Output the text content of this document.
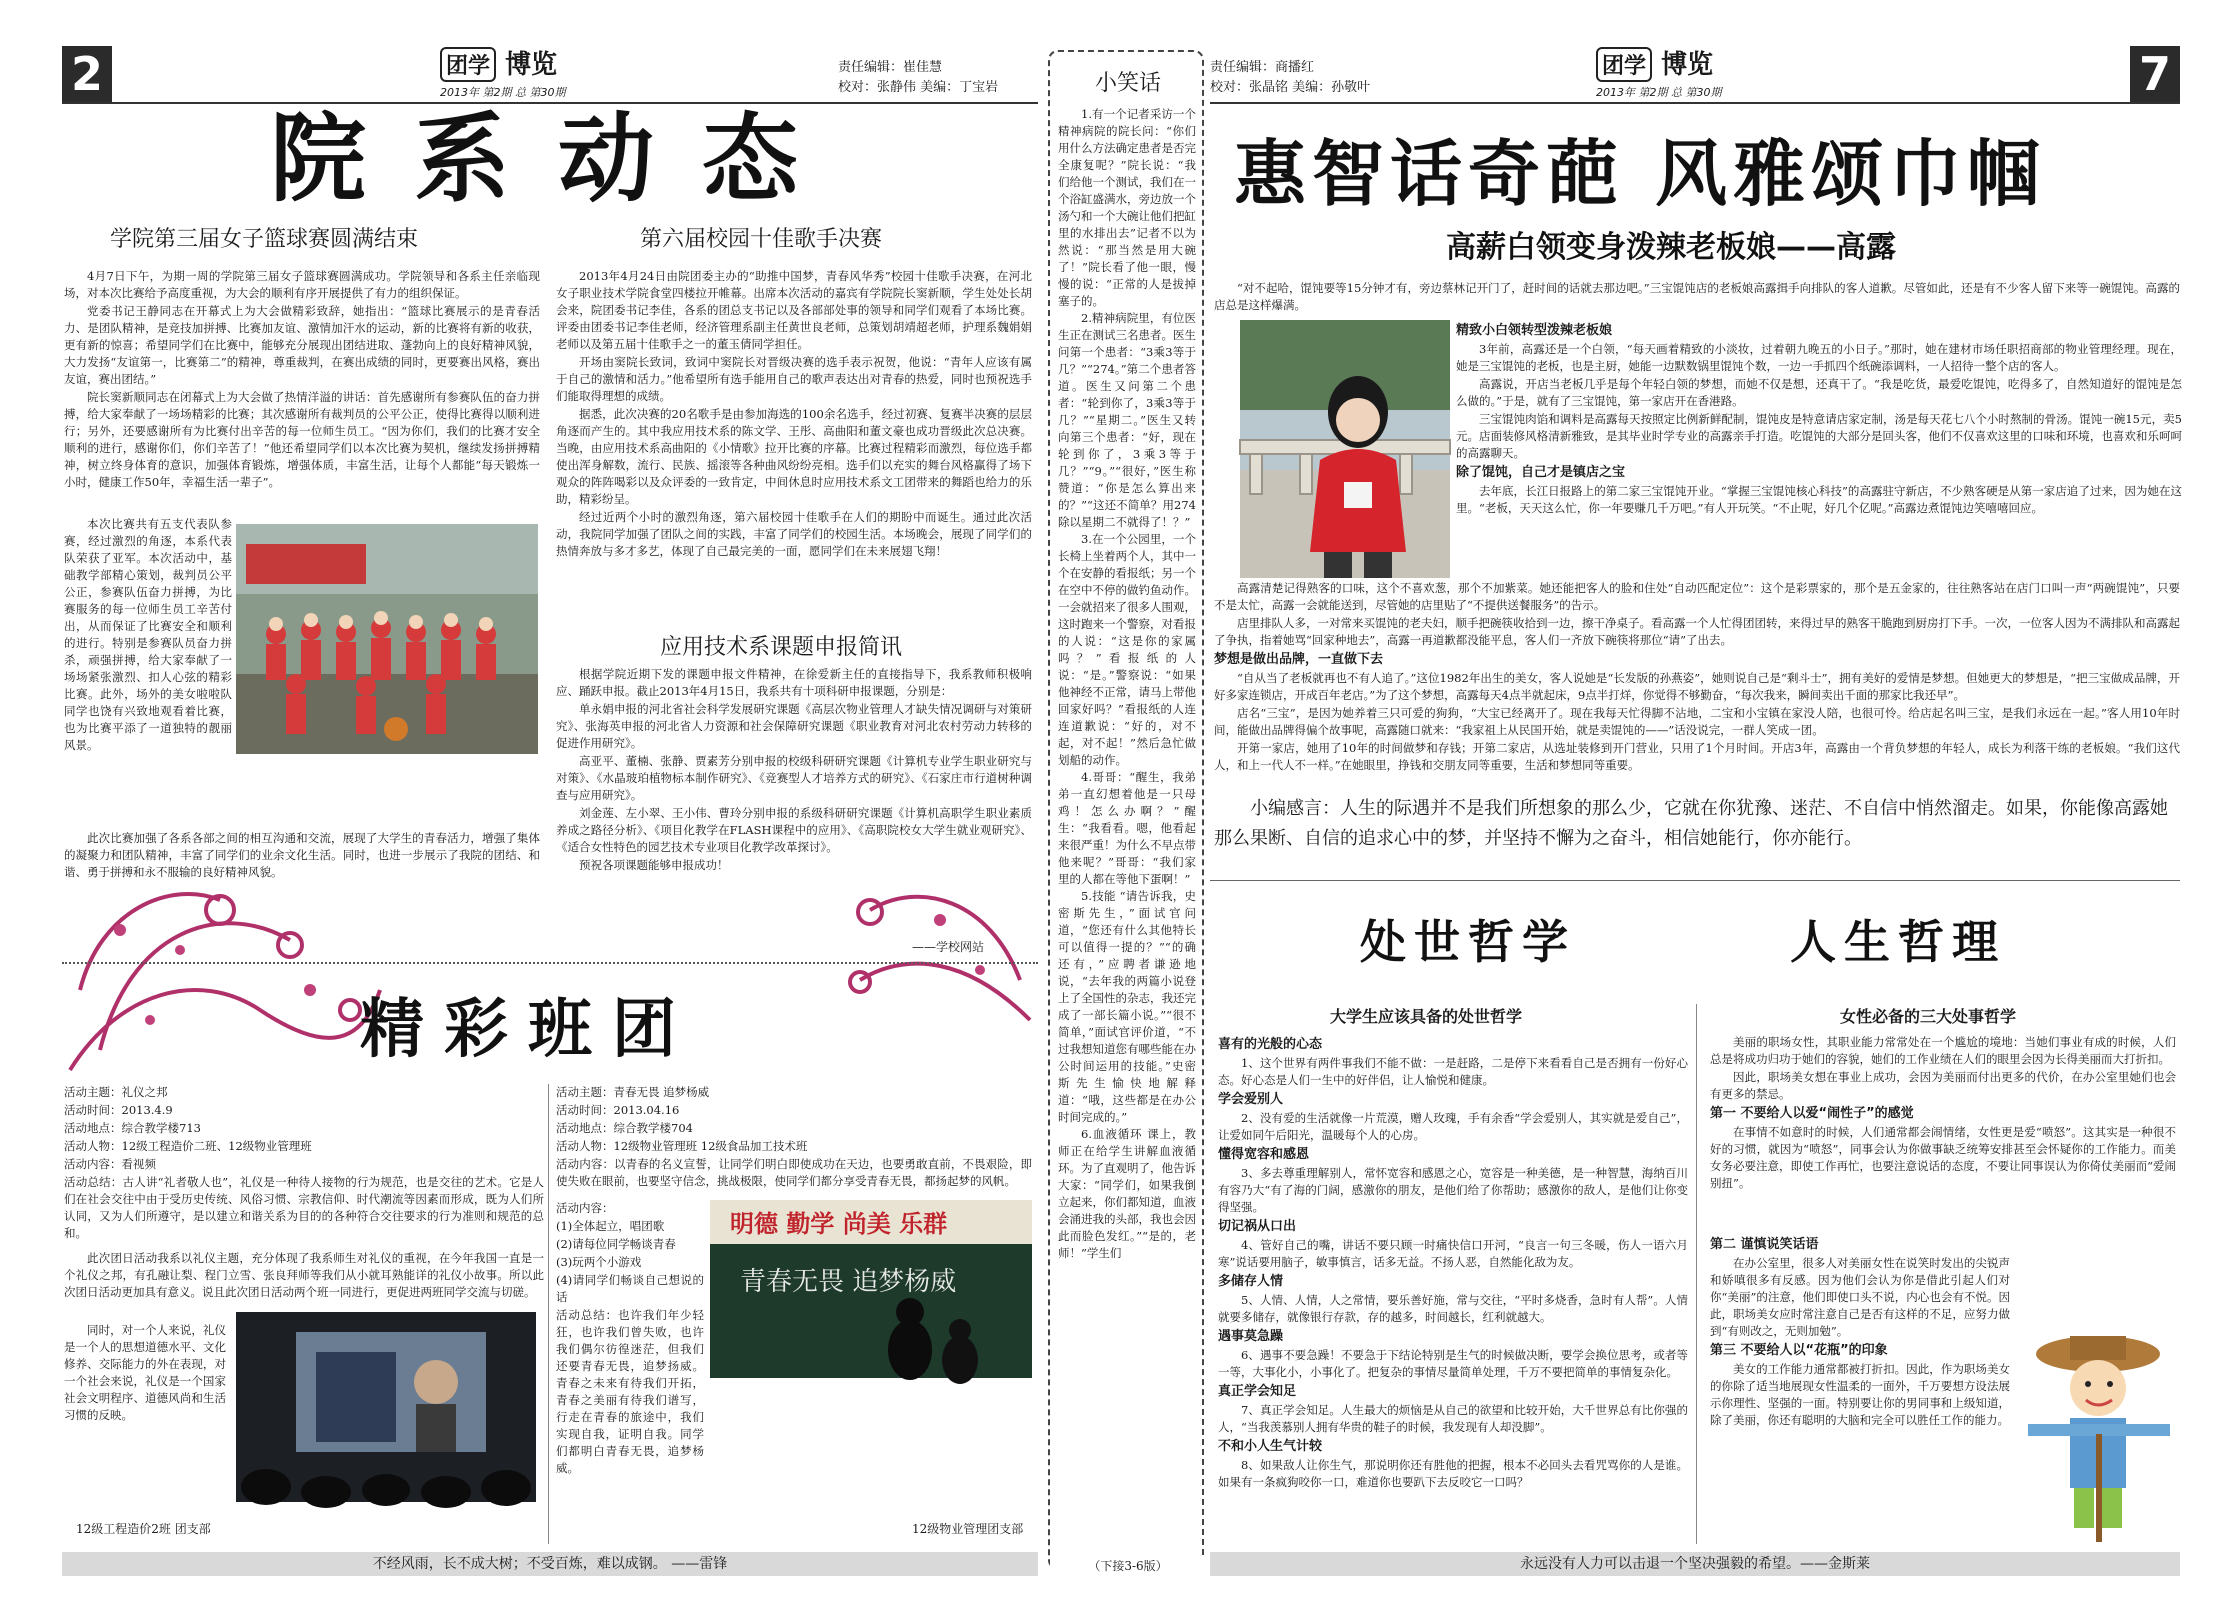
2	团学 博览
2013年 第2期 总 第30期
责任编辑：崔佳慧
校对：张静伟 美编：丁宝岩
院系动态
学院第三届女子篮球赛圆满结束

4月7日下午，为期一周的学院第三届女子篮球赛圆满成功。学院领导和各系主任亲临现场，对本次比赛给予高度重视，为大会的顺利有序开展提供了有力的组织保证。

党委书记王静同志在开幕式上为大会做精彩致辞，她指出：“篮球比赛展示的是青春活力、是团队精神，是竞技加拼搏、比赛加友谊、激情加汗水的运动，新的比赛将有新的收获，更有新的惊喜；希望同学们在比赛中，能够充分展现出团结进取、蓬勃向上的良好精神风貌，大力发扬“友谊第一，比赛第二”的精神，尊重裁判，在赛出成绩的同时，更要赛出风格，赛出友谊，赛出团结。”

院长窦新顺同志在闭幕式上为大会做了热情洋溢的讲话：首先感谢所有参赛队伍的奋力拼搏，给大家奉献了一场场精彩的比赛；其次感谢所有裁判员的公平公正，使得比赛得以顺利进行；另外，还要感谢所有为比赛付出辛苦的每一位师生员工。“因为你们，我们的比赛才安全顺利的进行，感谢你们，你们辛苦了！”他还希望同学们以本次比赛为契机，继续发扬拼搏精神，树立终身体育的意识，加强体育锻炼，增强体质，丰富生活，让每个人都能“每天锻炼一小时，健康工作50年，幸福生活一辈子”。

本次比赛共有五支代表队参赛，经过激烈的角逐，本系代表队荣获了亚军。本次活动中，基础教学部精心策划，裁判员公平公正，参赛队伍奋力拼搏，为比赛服务的每一位师生员工辛苦付出，从而保证了比赛安全和顺利的进行。特别是参赛队员奋力拼杀，顽强拼搏，给大家奉献了一场场紧张激烈、扣人心弦的精彩比赛。此外，场外的美女啦啦队同学也饶有兴致地观看着比赛，也为比赛平添了一道独特的靓丽风景。

此次比赛加强了各系各部之间的相互沟通和交流，展现了大学生的青春活力，增强了集体的凝聚力和团队精神，丰富了同学们的业余文化生活。同时，也进一步展示了我院的团结、和谐、勇于拼搏和永不服输的良好精神风貌。

第六届校园十佳歌手决赛

2013年4月24日由院团委主办的“助推中国梦，青春风华秀”校园十佳歌手决赛，在河北女子职业技术学院食堂四楼拉开帷幕。出席本次活动的嘉宾有学院院长窦新顺，学生处处长胡会来，院团委书记李佳，各系的团总支书记以及各部部处事的领导和同学们观看了本场比赛。评委由团委书记李佳老师，经济管理系副主任黄世良老师，总策划胡靖超老师，护理系魏娟娟老师以及第五届十佳歌手之一的董玉倩同学担任。

开场由窦院长致词，致词中窦院长对晋级决赛的选手表示祝贺，他说：“青年人应该有属于自己的激情和活力。”他希望所有选手能用自己的歌声表达出对青春的热爱，同时也预祝选手们能取得理想的成绩。

据悉，此次决赛的20名歌手是由参加海选的100余名选手，经过初赛、复赛半决赛的层层角逐而产生的。其中我应用技术系的陈文学、王彤、高曲阳和董文豪也成功晋级此次总决赛。当晚，由应用技术系高曲阳的《小情歌》拉开比赛的序幕。比赛过程精彩而激烈，每位选手都使出浑身解数，流行、民族、摇滚等各种曲风纷纷亮相。选手们以充实的舞台风格赢得了场下观众的阵阵喝彩以及众评委的一致肯定，中间休息时应用技术系文工团带来的舞蹈也给力的乐助，精彩纷呈。

经过近两个小时的激烈角逐，第六届校园十佳歌手在人们的期盼中而诞生。通过此次活动，我院同学加强了团队之间的实践，丰富了同学们的校园生活。本场晚会，展现了同学们的热情奔放与多才多艺，体现了自己最完美的一面，愿同学们在未来展翅飞翔！

应用技术系课题申报简讯

根据学院近期下发的课题申报文件精神，在徐爱新主任的直接指导下，我系教师积极响应、踊跃申报。截止2013年4月15日，我系共有十项科研申报课题，分别是：

单永娟申报的河北省社会科学发展研究课题《高层次物业管理人才缺失情况调研与对策研究》、张海英申报的河北省人力资源和社会保障研究课题《职业教育对河北农村劳动力转移的促进作用研究》。

高亚平、董楠、张静、贾素芳分别申报的校级科研研究课题《计算机专业学生职业研究与对策》、《水晶玻珀植物标本制作研究》、《竞赛型人才培养方式的研究》、《石家庄市行道树种调查与应用研究》。

刘金莲、左小翠、王小伟、曹玲分别申报的系级科研研究课题《计算机高职学生职业素质养成之路径分析》、《项目化教学在FLASH课程中的应用》、《高职院校女大学生就业观研究》、《适合女性特色的园艺技术专业项目化教学改革探讨》。

预祝各项课题能够申报成功！

——学校网站
精彩班团

活动主题：礼仪之邦

活动时间：2013.4.9

活动地点：综合教学楼713

活动人物：12级工程造价二班、12级物业管理班

活动内容：看视频

活动总结：古人讲“礼者敬人也”，礼仪是一种待人接物的行为规范，也是交往的艺术。它是人们在社会交往中由于受历史传统、风俗习惯、宗教信仰、时代潮流等因素而形成，既为人们所认同，又为人们所遵守，是以建立和谐关系为目的的各种符合交往要求的行为准则和规范的总和。

此次团日活动我系以礼仪主题，充分体现了我系师生对礼仪的重视，在今年我国一直是一个礼仪之邦，有孔融让梨、程门立雪、张良拜师等我们从小就耳熟能详的礼仪小故事。所以此次团日活动更加具有意义。说且此次团日活动两个班一同进行，更促进两班同学交流与切磋。

同时，对一个人来说，礼仪是一个人的思想道德水平、文化修养、交际能力的外在表现，对一个社会来说，礼仪是一个国家社会文明程序、道德风尚和生活习惯的反映。

12级工程造价2班 团支部

活动主题：青春无畏 追梦杨威

活动时间：2013.04.16

活动地点：综合教学楼704

活动人物：12级物业管理班 12级食品加工技术班

活动内容：以青春的名义宣誓，让同学们明白即使成功在天边，也要勇敢直前，不畏艰险，即使失败在眼前，也要坚守信念，挑战极限，使同学们都分享受青春无畏，都扬起梦的风帆。

活动内容：

(1)全体起立，唱团歌

(2)请每位同学畅谈青春

(3)玩两个小游戏

(4)请同学们畅谈自己想说的话

活动总结：也许我们年少轻狂，也许我们曾失败，也许我们偶尔彷徨迷茫，但我们还要青春无畏，追梦扬威。青春之未来有待我们开拓，青春之美丽有待我们谱写，行走在青春的旅途中，我们实现自我，证明自我。同学们都明白青春无畏，追梦杨威。

明德 勤学 尚美 乐群
青春无畏 追梦杨威
12级物业管理团支部
不经风雨，长不成大树；不受百炼，难以成钢。 ——雷锋
小笑话

1.有一个记者采访一个精神病院的院长问：“你们用什么方法确定患者是否完全康复呢？”院长说：“我们给他一个测试，我们在一个浴缸盛满水，旁边放一个汤勺和一个大碗让他们把缸里的水排出去”记者不以为然说：“那当然是用大碗了！”院长看了他一眼，慢慢的说：“正常的人是拔掉塞子的。

2.精神病院里，有位医生正在测试三名患者。医生问第一个患者：“3乘3等于几？”“274。”第二个患者答道。医生又问第二个患者：“轮到你了，3乘3等于几？”“星期二。”医生又转向第三个患者：“好，现在轮到你了，3乘3等于几？”“9。”“很好，”医生称赞道：“你是怎么算出来的？”“这还不简单？用274除以星期二不就得了！？”

3.在一个公园里，一个长椅上坐着两个人，其中一个在安静的看报纸；另一个在空中不停的做钓鱼动作。一会就招来了很多人围观，这时跑来一个警察，对看报的人说：“这是你的家属吗？”看报纸的人说：“是。”警察说：“如果他神经不正常，请马上带他回家好吗？”看报纸的人连连道歉说：“好的，对不起，对不起！”然后急忙做划船的动作。

4.哥哥：“醒生，我弟弟一直幻想着他是一只母鸡！怎么办啊？”醒生：“我看看。嗯，他看起来很严重！为什么不早点带他来呢？”哥哥：“我们家里的人都在等他下蛋啊！”

5.技能 “请告诉我，史密斯先生，”面试官问道，“您还有什么其他特长可以值得一提的？”“的确还有，”应聘者谦逊地说，“去年我的两篇小说登上了全国性的杂志，我还完成了一部长篇小说。”“很不简单，”面试官评价道，“不过我想知道您有哪些能在办公时间运用的技能。”史密斯先生愉快地解释道：“哦，这些都是在办公时间完成的。”

6.血液循环 课上，教师正在给学生讲解血液循环。为了直观明了，他告诉大家：“同学们，如果我倒立起来，你们都知道，血液会涌进我的头部，我也会因此而脸色发红。”“是的，老师！”学生们

（下接3-6版）
责任编辑：商播红
校对：张晶铭 美编：孙敬叶
团学 博览
2013年 第2期 总 第30期	7
惠智话奇葩 风雅颂巾帼
高薪白领变身泼辣老板娘——高露

“对不起哈，馄饨要等15分钟才有，旁边蔡林记开门了，赶时间的话就去那边吧。”三宝馄饨店的老板娘高露揖手向排队的客人道歉。尽管如此，还是有不少客人留下来等一碗馄饨。高露的店总是这样爆满。

精致小白领转型泼辣老板娘

3年前，高露还是一个白领，“每天画着精致的小淡妆，过着朝九晚五的小日子。”那时，她在建材市场任职招商部的物业管理经理。现在，她是三宝馄饨的老板，也是主厨，她能一边默数锅里馄饨个数，一边一手抓四个纸碗添调料，一人招待一整个店的客人。

高露说，开店当老板几乎是每个年轻白领的梦想，而她不仅是想，还真干了。“我是吃货，最爱吃馄饨，吃得多了，自然知道好的馄饨是怎么做的。”于是，就有了三宝馄饨，第一家店开在香港路。

三宝馄饨肉馅和调料是高露每天按照定比例新鲜配制，馄饨皮是特意请店家定制，汤是每天花七八个小时熬制的骨汤。馄饨一碗15元，卖5元。店面装修风格清新雅致，是其毕业时学专业的高露亲手打造。吃馄饨的大部分是回头客，他们不仅喜欢这里的口味和环境，也喜欢和乐呵呵的高露聊天。

除了馄饨，自己才是镇店之宝

去年底，长江日报路上的第二家三宝馄饨开业。“掌握三宝馄饨核心科技”的高露驻守新店，不少熟客硬是从第一家店追了过来，因为她在这里。“老板，天天这么忙，你一年要赚几千万吧。”有人开玩笑。“不止呢，好几个亿呢。”高露边煮馄饨边笑嘻嘻回应。

高露清楚记得熟客的口味，这个不喜欢葱，那个不加紫菜。她还能把客人的脸和住处“自动匹配定位”：这个是彩票家的，那个是五金家的，往往熟客站在店门口叫一声“两碗馄饨”，只要不是太忙，高露一会就能送到，尽管她的店里贴了“不提供送餐服务”的告示。

店里排队人多，一对常来买馄饨的老夫妇，顺手把碗筷收拾到一边，擦干净桌子。看高露一个人忙得团团转，来得过早的熟客干脆跑到厨房打下手。一次，一位客人因为不满排队和高露起了争执，指着她骂“回家种地去”，高露一再道歉都没能平息，客人们一齐放下碗筷将那位“请”了出去。

梦想是做出品牌，一直做下去

“自从当了老板就再也不有人追了。”这位1982年出生的美女，客人说她是“长发版的孙燕姿”，她则说自己是“剩斗士”，拥有美好的爱情是梦想。但她更大的梦想是，“把三宝做成品牌，开好多家连锁店，开成百年老店。”为了这个梦想，高露每天4点半就起床，9点半打烊，你觉得不够勤奋，“每次我来，瞬间卖出千面的那家比我还早”。

店名“三宝”，是因为她养着三只可爱的狗狗，“大宝已经离开了。现在我每天忙得脚不沾地，二宝和小宝镇在家没人陪，也很可怜。给店起名叫三宝，是我们永远在一起。”客人用10年时间，能做出品牌得偏个故事呢，高露随口就来：“我家祖上从民国开始，就是卖馄饨的——”话没说完，一群人笑成一团。

开第一家店，她用了10年的时间做梦和存钱；开第二家店，从选址装修到开门营业，只用了1个月时间。开店3年，高露由一个背负梦想的年轻人，成长为利落干练的老板娘。“我们这代人，和上一代人不一样。”在她眼里，挣钱和交朋友同等重要，生活和梦想同等重要。

小编感言：人生的际遇并不是我们所想象的那么少，它就在你犹豫、迷茫、不自信中悄然溜走。如果，你能像高露她那么果断、自信的追求心中的梦，并坚持不懈为之奋斗，相信她能行，你亦能行。
处世哲学	人生哲理
大学生应该具备的处世哲学

喜有的光般的心态

1、这个世界有两件事我们不能不做：一是赶路，二是停下来看看自己是否拥有一份好心态。好心态是人们一生中的好伴侣，让人愉悦和健康。

学会爱别人

2、没有爱的生活就像一片荒漠，赠人玫瑰，手有余香“学会爱别人，其实就是爱自己”，让爱如同午后阳光，温暖每个人的心房。

懂得宽容和感恩

3、多去尊重理解别人，常怀宽容和感恩之心，宽容是一种美德，是一种智慧，海纳百川有容乃大“有了海的门阔，感激你的朋友，是他们给了你帮助；感激你的敌人，是他们让你变得坚强。

切记祸从口出

4、管好自己的嘴，讲话不要只顾一时痛快信口开河，“良言一句三冬暖，伤人一语六月寒”说话要用脑子，敏事慎言，话多无益。不扬人恶，自然能化敌为友。

多储存人情

5、人情、人情，人之常情，要乐善好施，常与交往，“平时多烧香，急时有人帮”。人情就要多储存，就像银行存款，存的越多，时间越长，红利就越大。

遇事莫急躁

6、遇事不要急躁！不要急于下结论特别是生气的时候做决断，要学会换位思考，或者等一等，大事化小，小事化了。把复杂的事情尽量简单处理，千万不要把简单的事情复杂化。

真正学会知足

7、真正学会知足。人生最大的烦恼是从自己的欲望和比较开始，大千世界总有比你强的人，“当我羡慕别人拥有华贵的鞋子的时候，我发现有人却没脚”。

不和小人生气计较

8、如果敌人让你生气，那说明你还有胜他的把握，根本不必回头去看咒骂你的人是谁。如果有一条疯狗咬你一口，难道你也要趴下去反咬它一口吗？

女性必备的三大处事哲学

美丽的职场女性，其职业能力常常处在一个尴尬的境地：当她们事业有成的时候，人们总是将成功归功于她们的容貌，她们的工作业绩在人们的眼里会因为长得美丽而大打折扣。

因此，职场美女想在事业上成功，会因为美丽而付出更多的代价，在办公室里她们也会有更多的禁忌。

第一 不要给人以爱“闹性子”的感觉

在事情不如意时的时候，人们通常都会闹情绪，女性更是爱“喷怒”。这其实是一种很不好的习惯，就因为“喷怒”，同事会认为你做事缺乏统筹安排甚至会怀疑你的工作能力。而美女务必要注意，即使工作再忙，也要注意说话的态度，不要让同事误认为你倚仗美丽而“爱闹别扭”。

第二 谨慎说笑话语

在办公室里，很多人对美丽女性在说笑时发出的尖锐声和娇嗔很多有反感。因为他们会认为你是借此引起人们对你“美丽”的注意，他们即使口头不说，内心也会有不悦。因此，职场美女应时常注意自己是否有这样的不足，应努力做到“有则改之，无则加勉”。

第三 不要给人以“花瓶”的印象

美女的工作能力通常都被打折扣。因此，作为职场美女的你除了适当地展现女性温柔的一面外，千万要想方设法展示你理性、坚强的一面。特别要让你的男同事和上级知道，除了美丽，你还有聪明的大脑和完全可以胜任工作的能力。

永远没有人力可以击退一个坚决强毅的希望。——金斯莱
